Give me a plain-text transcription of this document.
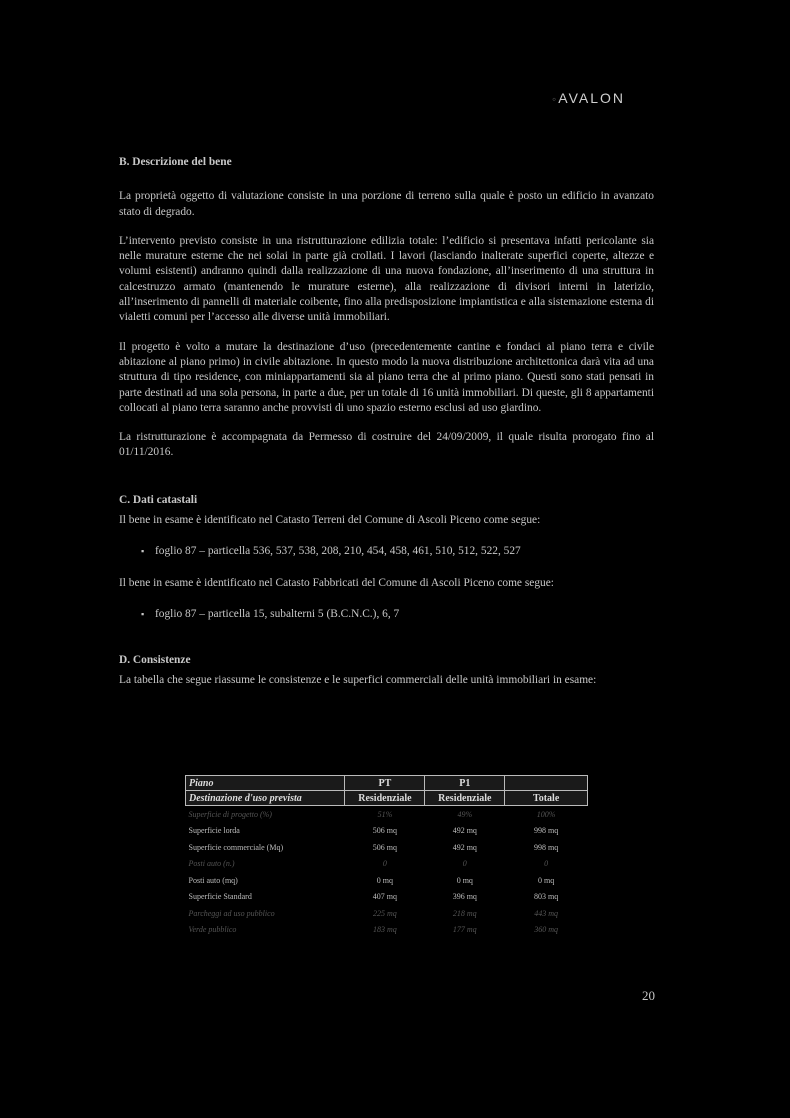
◦ AVALON

B. Descrizione del bene

La proprietà oggetto di valutazione consiste in una porzione di terreno sulla quale è posto un edificio in avanzato stato di degrado.

L’intervento previsto consiste in una ristrutturazione edilizia totale: l’edificio si presentava infatti pericolante sia nelle murature esterne che nei solai in parte già crollati. I lavori (lasciando inalterate superfici coperte, altezze e volumi esistenti) andranno quindi dalla realizzazione di una nuova fondazione, all’inserimento di una struttura in calcestruzzo armato (mantenendo le murature esterne), alla realizzazione di divisori interni in laterizio, all’inserimento di pannelli di materiale coibente, fino alla predisposizione impiantistica e alla sistemazione esterna di vialetti comuni per l’accesso alle diverse unità immobiliari.

Il progetto è volto a mutare la destinazione d’uso (precedentemente cantine e fondaci al piano terra e civile abitazione al piano primo) in civile abitazione. In questo modo la nuova distribuzione architettonica darà vita ad una struttura di tipo residence, con miniappartamenti sia al piano terra che al primo piano. Questi sono stati pensati in parte destinati ad una sola persona, in parte a due, per un totale di 16 unità immobiliari. Di queste, gli 8 appartamenti collocati al piano terra saranno anche provvisti di uno spazio esterno esclusi ad uso giardino.

La ristrutturazione è accompagnata da Permesso di costruire del 24/09/2009, il quale risulta prorogato fino al 01/11/2016.

C. Dati catastali

Il bene in esame è identificato nel Catasto Terreni del Comune di Ascoli Piceno come segue:

▪ foglio 87 – particella 536, 537, 538, 208, 210, 454, 458, 461, 510, 512, 522, 527

Il bene in esame è identificato nel Catasto Fabbricati del Comune di Ascoli Piceno come segue:

▪ foglio 87 – particella 15, subalterni 5 (B.C.N.C.), 6, 7

D. Consistenze

La tabella che segue riassume le consistenze e le superfici commerciali delle unità immobiliari in esame:

Piano	PT	P1	
Destinazione d'uso prevista	Residenziale	Residenziale	Totale
Superficie di progetto (%)	51%	49%	100%
Superficie lorda	506 mq	492 mq	998 mq
Superficie commerciale (Mq)	506 mq	492 mq	998 mq
Posti auto (n.)	0	0	0
Posti auto (mq)	0 mq	0 mq	0 mq
Superficie Standard	407 mq	396 mq	803 mq
Parcheggi ad uso pubblico	225 mq	218 mq	443 mq
Verde pubblico	183 mq	177 mq	360 mq
20
